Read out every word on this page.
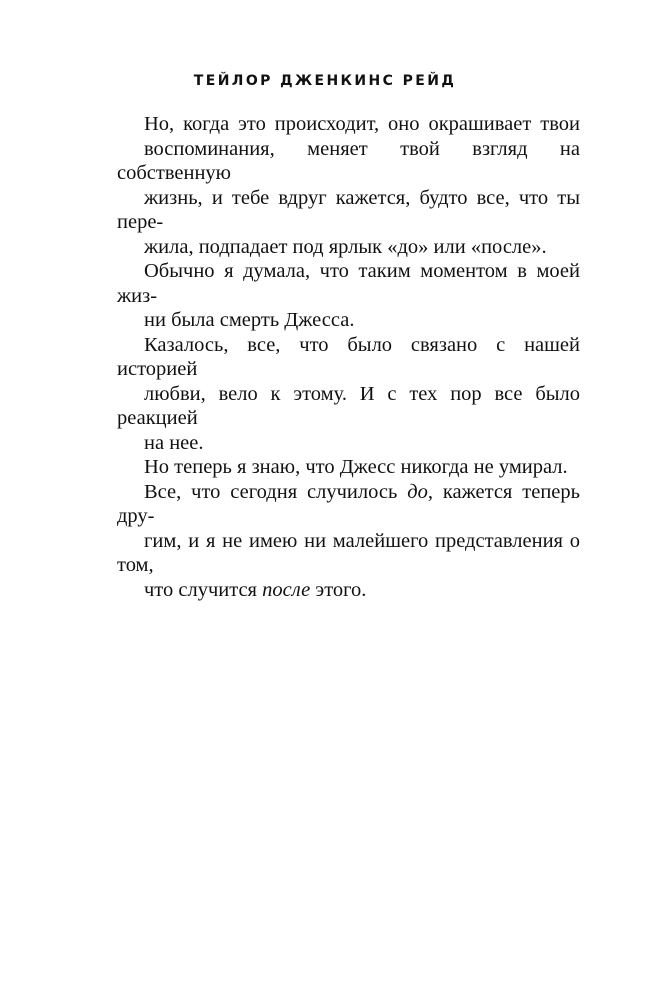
ТЕЙЛОР ДЖЕНКИНС РЕЙД
Но, когда это происходит, оно окрашивает твои
воспоминания, меняет твой взгляд на собственную
жизнь, и тебе вдруг кажется, будто все, что ты пере-
жила, подпадает под ярлык «до» или «после».
Обычно я думала, что таким моментом в моей жиз-
ни была смерть Джесса.
Казалось, все, что было связано с нашей историей
любви, вело к этому. И с тех пор все было реакцией
на нее.
Но теперь я знаю, что Джесс никогда не умирал.
Все, что сегодня случилось до, кажется теперь дру-
гим, и я не имею ни малейшего представления о том,
что случится после этого.
